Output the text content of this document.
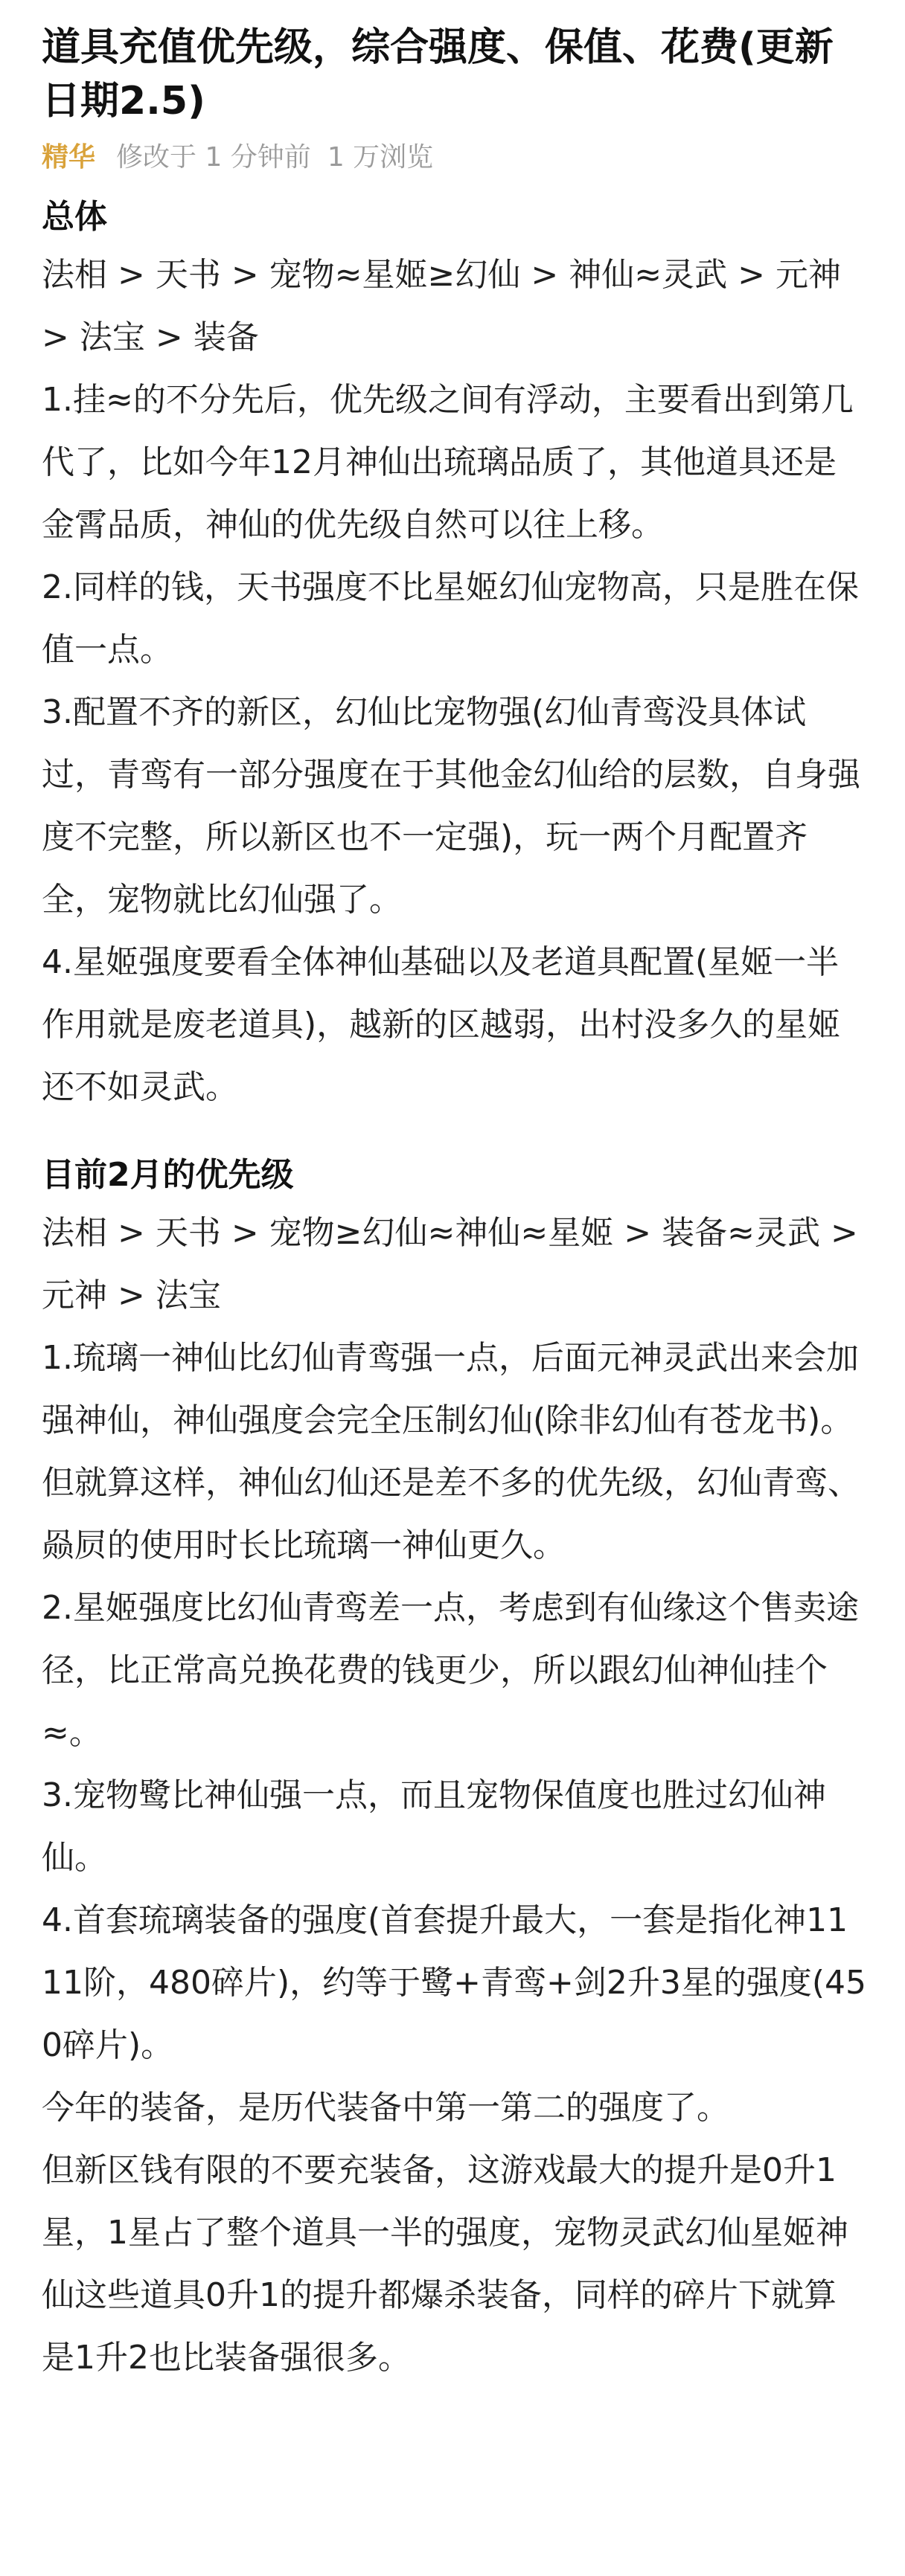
道具充值优先级，综合强度、保值、花费(更新日期2.5)
精华 修改于 1 分钟前 1 万浏览

总体

法相 > 天书 > 宠物≈星姬≥幻仙 > 神仙≈灵武 > 元神 > 法宝 > 装备

1.挂≈的不分先后，优先级之间有浮动，主要看出到第几代了，比如今年12月神仙出琉璃品质了，其他道具还是金霄品质，神仙的优先级自然可以往上移。

2.同样的钱，天书强度不比星姬幻仙宠物高，只是胜在保值一点。

3.配置不齐的新区，幻仙比宠物强(幻仙青鸾没具体试过，青鸾有一部分强度在于其他金幻仙给的层数，自身强度不完整，所以新区也不一定强)，玩一两个月配置齐全，宠物就比幻仙强了。

4.星姬强度要看全体神仙基础以及老道具配置(星姬一半作用就是废老道具)，越新的区越弱，出村没多久的星姬还不如灵武。

目前2月的优先级

法相 > 天书 > 宠物≥幻仙≈神仙≈星姬 > 装备≈灵武 > 元神 > 法宝

1.琉璃一神仙比幻仙青鸾强一点，后面元神灵武出来会加强神仙，神仙强度会完全压制幻仙(除非幻仙有苍龙书)。

但就算这样，神仙幻仙还是差不多的优先级，幻仙青鸾、赑屃的使用时长比琉璃一神仙更久。

2.星姬强度比幻仙青鸾差一点，考虑到有仙缘这个售卖途径，比正常高兑换花费的钱更少，所以跟幻仙神仙挂个≈。

3.宠物鹭比神仙强一点，而且宠物保值度也胜过幻仙神仙。

4.首套琉璃装备的强度(首套提升最大，一套是指化神1111阶，480碎片)，约等于鹭+青鸾+剑2升3星的强度(450碎片)。

今年的装备，是历代装备中第一第二的强度了。

但新区钱有限的不要充装备，这游戏最大的提升是0升1星，1星占了整个道具一半的强度，宠物灵武幻仙星姬神仙这些道具0升1的提升都爆杀装备，同样的碎片下就算是1升2也比装备强很多。
